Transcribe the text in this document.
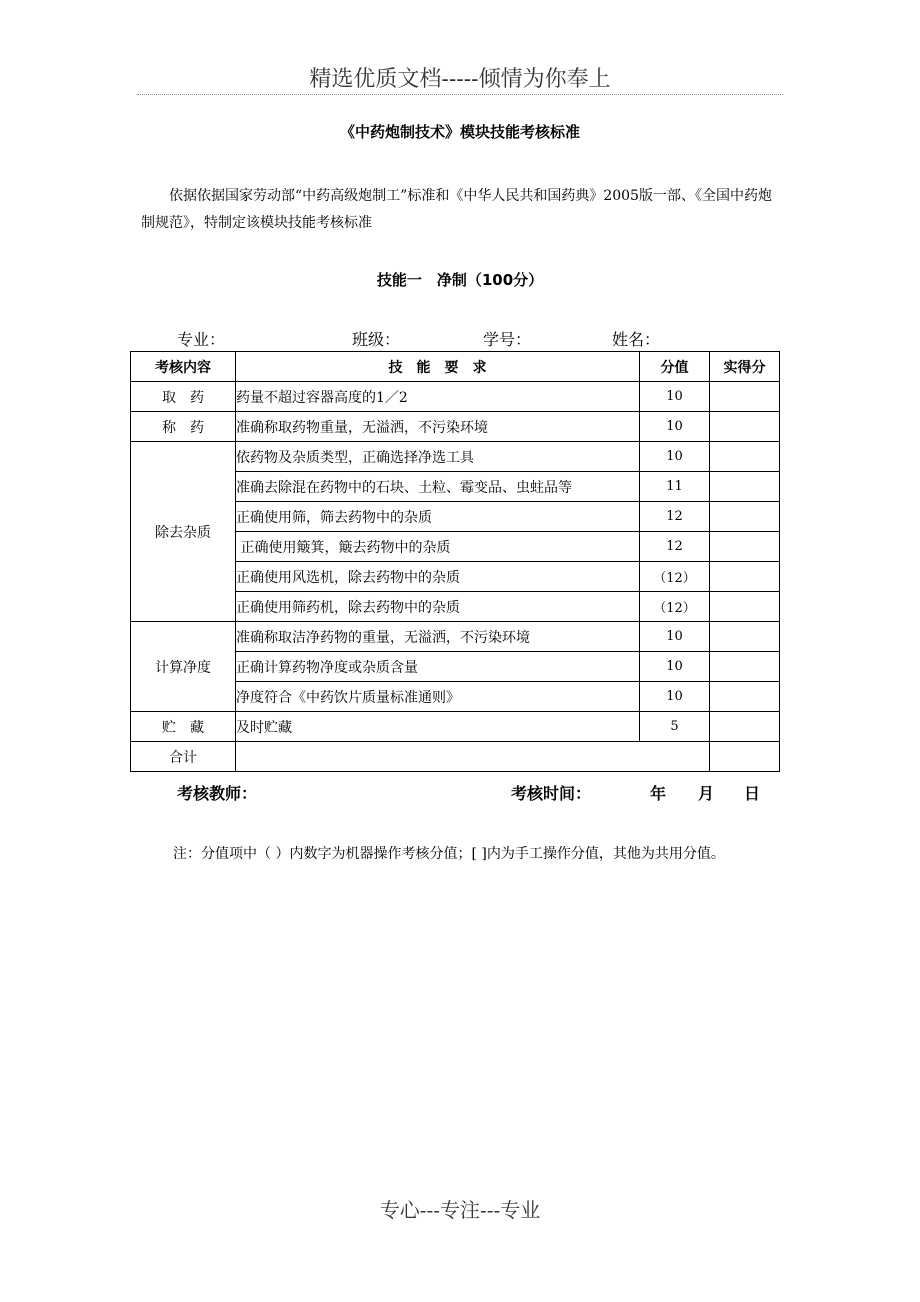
精选优质文档-----倾情为你奉上
《中药炮制技术》模块技能考核标准
依据依据国家劳动部“中药高级炮制工”标准和《中华人民共和国药典》2005版一部、《全国中药炮制规范》，特制定该模块技能考核标准
技能一　净制（100分）
专业：	班级：	学号：	姓名：
考核内容	技　能　要　求	分值	实得分
取　药	药量不超过容器高度的1／2	10	
称　药	准确称取药物重量，无溢洒，不污染环境	10	
除去杂质	依药物及杂质类型，正确选择净选工具	10	
	准确去除混在药物中的石块、土粒、霉变品、虫蛀品等	11	
	正确使用筛，筛去药物中的杂质	12	
	正确使用簸箕，簸去药物中的杂质	12	
	正确使用风选机，除去药物中的杂质	（12）	
	正确使用筛药机，除去药物中的杂质	（12）	
计算净度	准确称取洁净药物的重量，无溢洒，不污染环境	10	
	正确计算药物净度或杂质含量	10	
	净度符合《中药饮片质量标准通则》	10	
贮　藏	及时贮藏	5	
合计			
考核教师：	考核时间：	年 月 日
注：分值项中（ ）内数字为机器操作考核分值；[ ]内为手工操作分值，其他为共用分值。
专心---专注---专业
